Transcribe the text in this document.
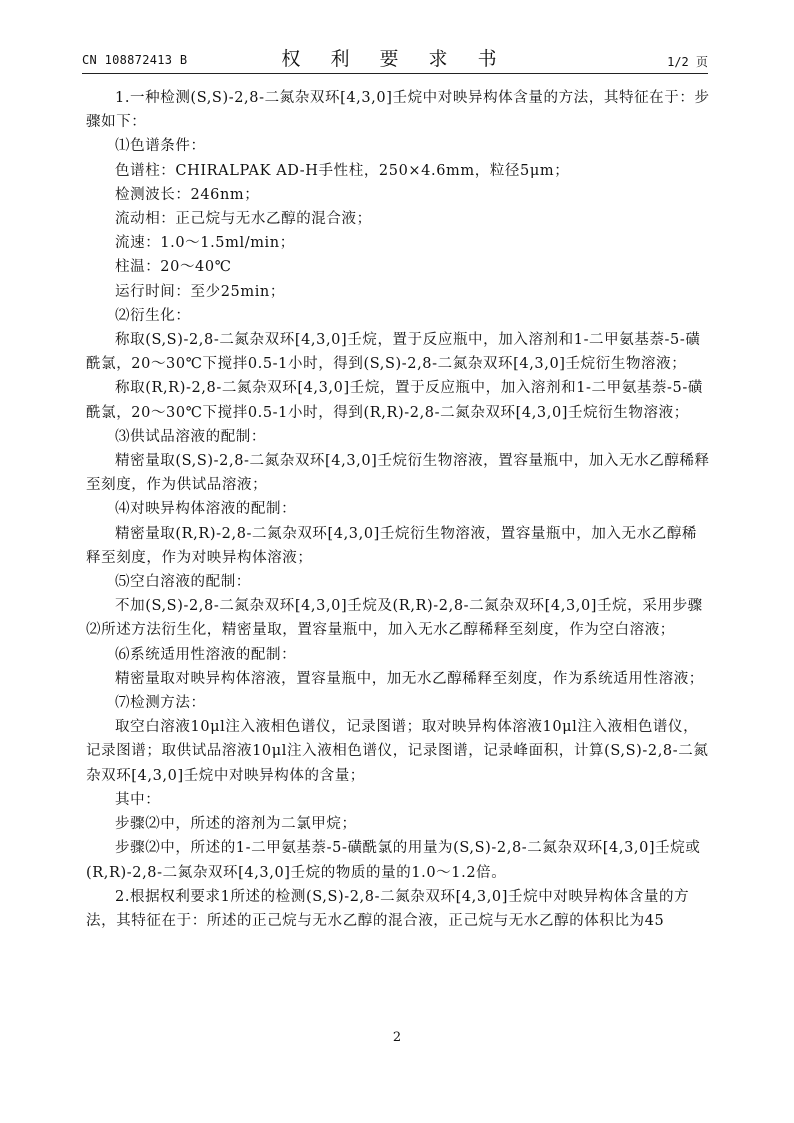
CN 108872413 B	权 利 要 求 书	1/2 页

1.一种检测(S,S)-2,8-二氮杂双环[4,3,0]壬烷中对映异构体含量的方法，其特征在于：步骤如下：

⑴色谱条件：

色谱柱：CHIRALPAK AD-H手性柱，250×4.6mm，粒径5μm；

检测波长：246nm；

流动相：正己烷与无水乙醇的混合液；

流速：1.0～1.5ml/min；

柱温：20～40℃

运行时间：至少25min；

⑵衍生化：

称取(S,S)-2,8-二氮杂双环[4,3,0]壬烷，置于反应瓶中，加入溶剂和1-二甲氨基萘-5-磺酰氯，20～30℃下搅拌0.5-1小时，得到(S,S)-2,8-二氮杂双环[4,3,0]壬烷衍生物溶液；

称取(R,R)-2,8-二氮杂双环[4,3,0]壬烷，置于反应瓶中，加入溶剂和1-二甲氨基萘-5-磺酰氯，20～30℃下搅拌0.5-1小时，得到(R,R)-2,8-二氮杂双环[4,3,0]壬烷衍生物溶液；

⑶供试品溶液的配制：

精密量取(S,S)-2,8-二氮杂双环[4,3,0]壬烷衍生物溶液，置容量瓶中，加入无水乙醇稀释至刻度，作为供试品溶液；

⑷对映异构体溶液的配制：

精密量取(R,R)-2,8-二氮杂双环[4,3,0]壬烷衍生物溶液，置容量瓶中，加入无水乙醇稀释至刻度，作为对映异构体溶液；

⑸空白溶液的配制：

不加(S,S)-2,8-二氮杂双环[4,3,0]壬烷及(R,R)-2,8-二氮杂双环[4,3,0]壬烷，采用步骤⑵所述方法衍生化，精密量取，置容量瓶中，加入无水乙醇稀释至刻度，作为空白溶液；

⑹系统适用性溶液的配制：

精密量取对映异构体溶液，置容量瓶中，加无水乙醇稀释至刻度，作为系统适用性溶液；

⑺检测方法：

取空白溶液10μl注入液相色谱仪，记录图谱；取对映异构体溶液10μl注入液相色谱仪，记录图谱；取供试品溶液10μl注入液相色谱仪，记录图谱，记录峰面积，计算(S,S)-2,8-二氮杂双环[4,3,0]壬烷中对映异构体的含量；

其中：

步骤⑵中，所述的溶剂为二氯甲烷；

步骤⑵中，所述的1-二甲氨基萘-5-磺酰氯的用量为(S,S)-2,8-二氮杂双环[4,3,0]壬烷或(R,R)-2,8-二氮杂双环[4,3,0]壬烷的物质的量的1.0～1.2倍。

2.根据权利要求1所述的检测(S,S)-2,8-二氮杂双环[4,3,0]壬烷中对映异构体含量的方法，其特征在于：所述的正己烷与无水乙醇的混合液，正己烷与无水乙醇的体积比为45

2
